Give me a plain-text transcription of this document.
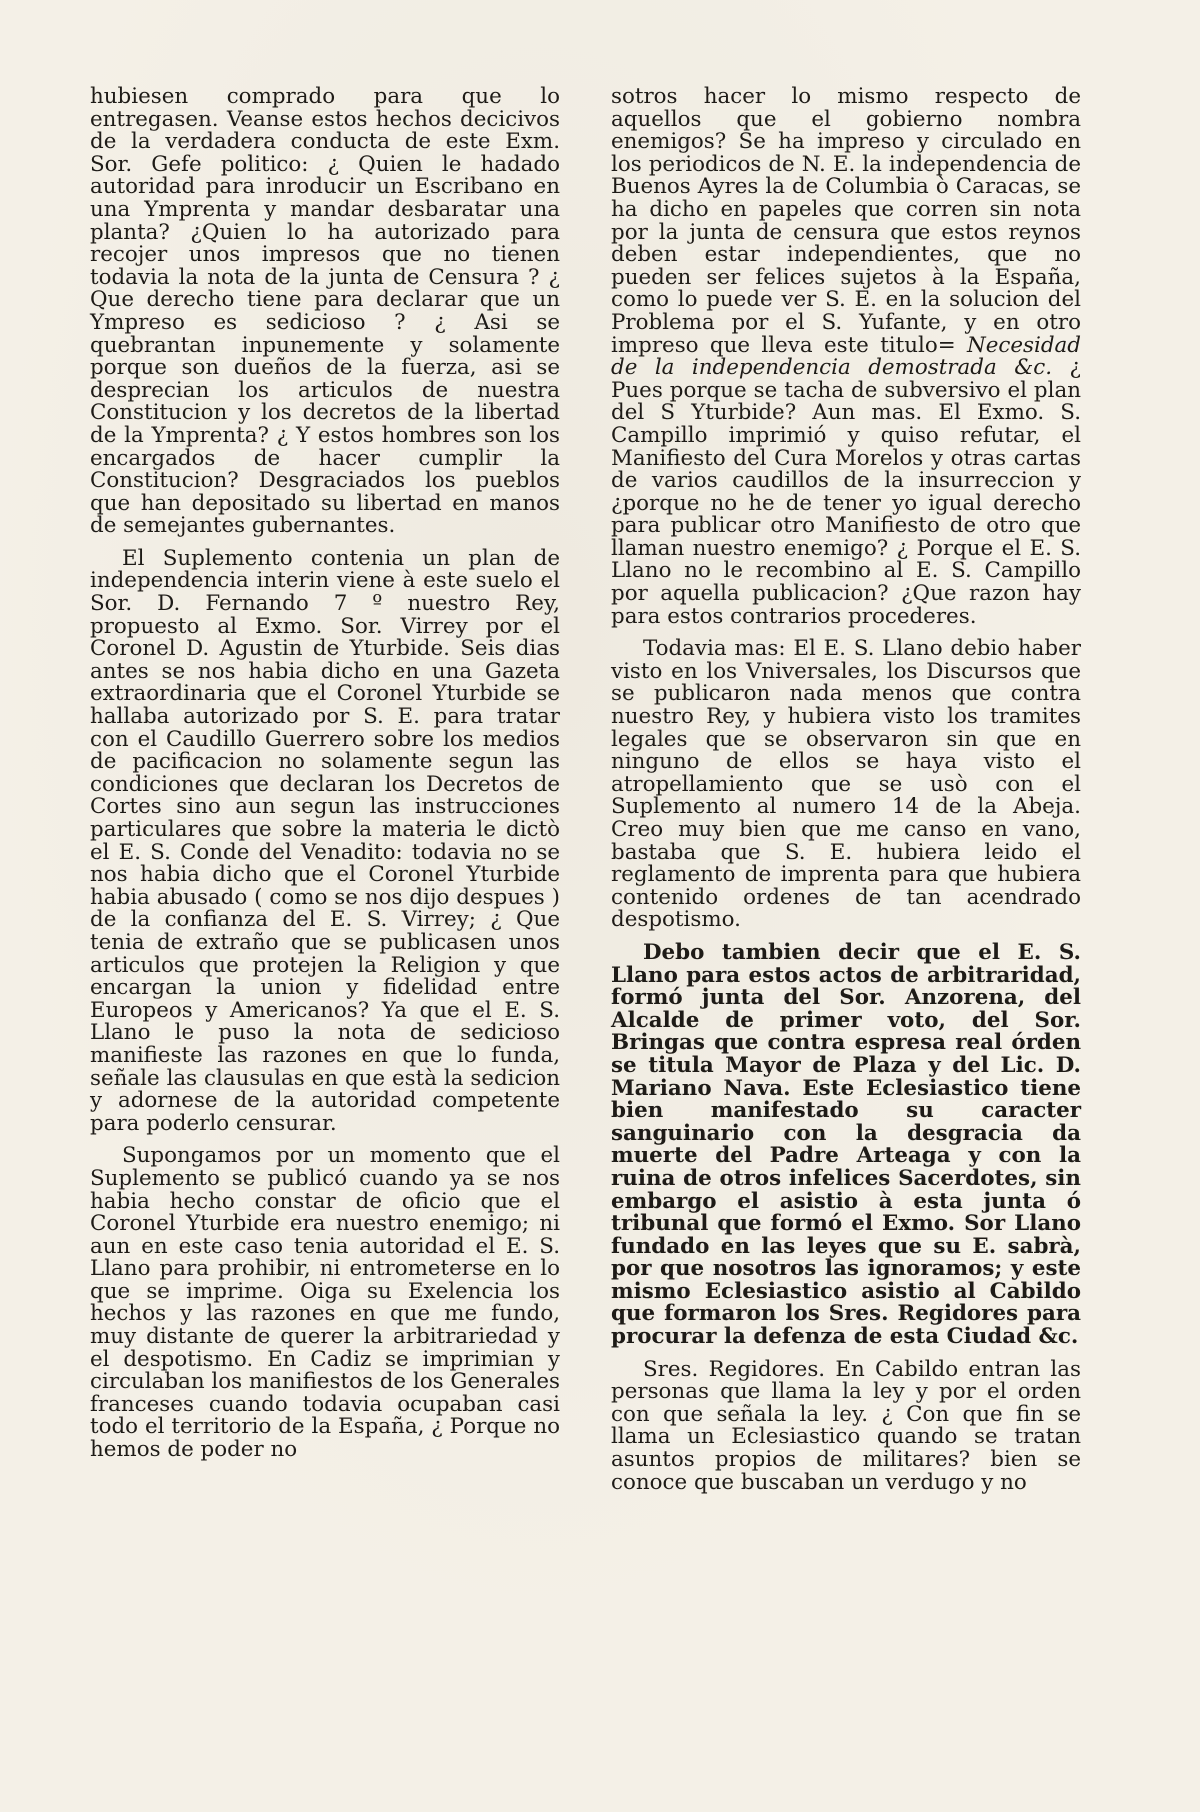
hubiesen comprado para que lo entregasen. Veanse estos hechos decicivos de la verdadera conducta de este Exm. Sor. Gefe politico: ¿ Quien le hadado autoridad para inroducir un Escribano en una Ymprenta y mandar desbaratar una planta? ¿Quien lo ha autorizado para recojer unos impresos que no tienen todavia la nota de la junta de Censura ? ¿ Que derecho tiene para declarar que un Ympreso es sedicioso ? ¿ Asi se quebrantan inpunemente y solamente porque son dueños de la fuerza, asi se desprecian los articulos de nuestra Constitucion y los decretos de la libertad de la Ymprenta? ¿ Y estos hombres son los encargados de hacer cumplir la Constitucion? Desgraciados los pueblos que han depositado su libertad en manos de semejantes gubernantes.

El Suplemento contenia un plan de independencia interin viene à este suelo el Sor. D. Fernando 7 º nuestro Rey, propuesto al Exmo. Sor. Virrey por el Coronel D. Agustin de Yturbide. Seis dias antes se nos habia dicho en una Gazeta extraordinaria que el Coronel Yturbide se hallaba autorizado por S. E. para tratar con el Caudillo Guerrero sobre los medios de pacificacion no solamente segun las condiciones que declaran los Decretos de Cortes sino aun segun las instrucciones particulares que sobre la materia le dictò el E. S. Conde del Venadito: todavia no se nos habia dicho que el Coronel Yturbide habia abusado ( como se nos dijo despues ) de la confianza del E. S. Virrey; ¿ Que tenia de extraño que se publicasen unos articulos que protejen la Religion y que encargan la union y fidelidad entre Europeos y Americanos? Ya que el E. S. Llano le puso la nota de sedicioso manifieste las razones en que lo funda, señale las clausulas en que està la sedicion y adornese de la autoridad competente para poderlo censurar.

Supongamos por un momento que el Suplemento se publicó cuando ya se nos habia hecho constar de oficio que el Coronel Yturbide era nuestro enemigo; ni aun en este caso tenia autoridad el E. S. Llano para prohibir, ni entrometerse en lo que se imprime. Oiga su Exelencia los hechos y las razones en que me fundo, muy distante de querer la arbitrariedad y el despotismo. En Cadiz se imprimian y circulaban los manifiestos de los Generales franceses cuando todavia ocupaban casi todo el territorio de la España, ¿ Porque no hemos de poder no

sotros hacer lo mismo respecto de aquellos que el gobierno nombra enemigos? Se ha impreso y circulado en los periodicos de N. E. la independencia de Buenos Ayres la de Columbia ò Caracas, se ha dicho en papeles que corren sin nota por la junta de censura que estos reynos deben estar independientes, que no pueden ser felices sujetos à la España, como lo puede ver S. E. en la solucion del Problema por el S. Yufante, y en otro impreso que lleva este titulo= Necesidad de la independencia demostrada &c. ¿ Pues porque se tacha de subversivo el plan del S Yturbide? Aun mas. El Exmo. S. Campillo imprimió y quiso refutar, el Manifiesto del Cura Morelos y otras cartas de varios caudillos de la insurreccion y ¿porque no he de tener yo igual derecho para publicar otro Manifiesto de otro que llaman nuestro enemigo? ¿ Porque el E. S. Llano no le recombino al E. S. Campillo por aquella publicacion? ¿Que razon hay para estos contrarios procederes.

Todavia mas: El E. S. Llano debio haber visto en los Vniversales, los Discursos que se publicaron nada menos que contra nuestro Rey, y hubiera visto los tramites legales que se observaron sin que en ninguno de ellos se haya visto el atropellamiento que se usò con el Suplemento al numero 14 de la Abeja. Creo muy bien que me canso en vano, bastaba que S. E. hubiera leido el reglamento de imprenta para que hubiera contenido ordenes de tan acendrado despotismo.

Debo tambien decir que el E. S. Llano para estos actos de arbitraridad, formó junta del Sor. Anzorena, del Alcalde de primer voto, del Sor. Bringas que contra espresa real órden se titula Mayor de Plaza y del Lic. D. Mariano Nava. Este Eclesiastico tiene bien manifestado su caracter sanguinario con la desgracia da muerte del Padre Arteaga y con la ruina de otros infelices Sacerdotes, sin embargo el asistio à esta junta ó tribunal que formó el Exmo. Sor Llano fundado en las leyes que su E. sabrà, por que nosotros las ignoramos; y este mismo Eclesiastico asistio al Cabildo que formaron los Sres. Regidores para procurar la defenza de esta Ciudad &c.

Sres. Regidores. En Cabildo entran las personas que llama la ley y por el orden con que señala la ley. ¿ Con que fin se llama un Eclesiastico quando se tratan asuntos propios de militares? bien se conoce que buscaban un verdugo y no
